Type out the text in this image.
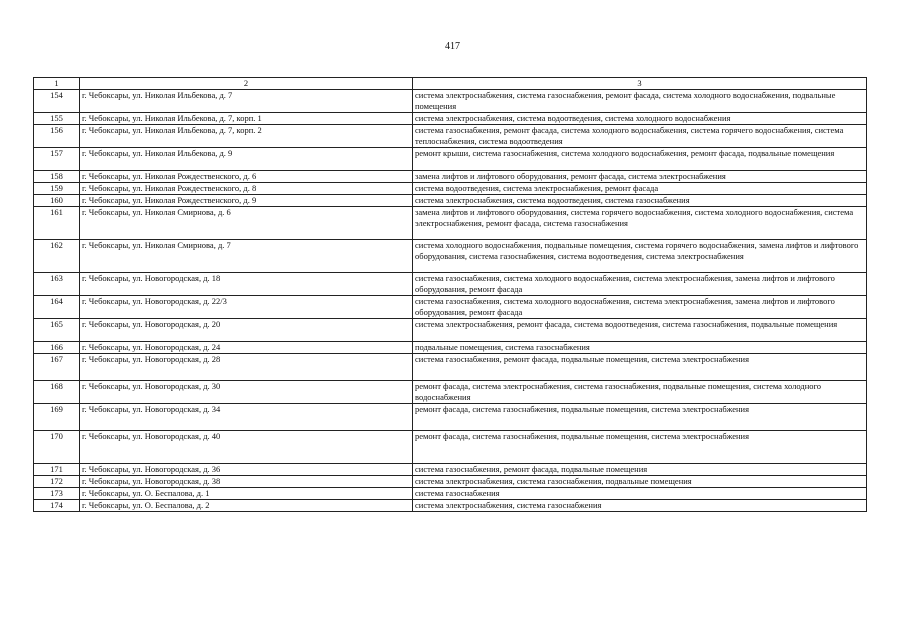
417
1	2	3
154	г. Чебоксары, ул. Николая Ильбекова, д. 7	система электроснабжения, система газоснабжения, ремонт фасада, система холодного водоснабжения, подвальные помещения
155	г. Чебоксары, ул. Николая Ильбекова, д. 7, корп. 1	система электроснабжения, система водоотведения, система холодного водоснабжения
156	г. Чебоксары, ул. Николая Ильбекова, д. 7, корп. 2	система газоснабжения, ремонт фасада, система холодного водоснабжения, система горячего водоснабжения, система теплоснабжения, система водоотведения
157	г. Чебоксары, ул. Николая Ильбекова, д. 9	ремонт крыши, система газоснабжения, система холодного водоснабжения, ремонт фасада, подвальные помещения
158	г. Чебоксары, ул. Николая Рождественского, д. 6	замена лифтов и лифтового оборудования, ремонт фасада, система электроснабжения
159	г. Чебоксары, ул. Николая Рождественского, д. 8	система водоотведения, система электроснабжения, ремонт фасада
160	г. Чебоксары, ул. Николая Рождественского, д. 9	система электроснабжения, система водоотведения, система газоснабжения
161	г. Чебоксары, ул. Николая Смирнова, д. 6	замена лифтов и лифтового оборудования, система горячего водоснабжения, система холодного водоснабжения, система электроснабжения, ремонт фасада, система газоснабжения
162	г. Чебоксары, ул. Николая Смирнова, д. 7	система холодного водоснабжения, подвальные помещения, система горячего водоснабжения, замена лифтов и лифтового оборудования, система газоснабжения, система водоотведения, система электроснабжения
163	г. Чебоксары, ул. Новогородская, д. 18	система газоснабжения, система холодного водоснабжения, система электроснабжения, замена лифтов и лифтового оборудования, ремонт фасада
164	г. Чебоксары, ул. Новогородская, д. 22/3	система газоснабжения, система холодного водоснабжения, система электроснабжения, замена лифтов и лифтового оборудования, ремонт фасада
165	г. Чебоксары, ул. Новогородская, д. 20	система электроснабжения, ремонт фасада, система водоотведения, система газоснабжения, подвальные помещения
166	г. Чебоксары, ул. Новогородская, д. 24	подвальные помещения, система газоснабжения
167	г. Чебоксары, ул. Новогородская, д. 28	система газоснабжения, ремонт фасада, подвальные помещения, система электроснабжения
168	г. Чебоксары, ул. Новогородская, д. 30	ремонт фасада, система электроснабжения, система газоснабжения, подвальные помещения, система холодного водоснабжения
169	г. Чебоксары, ул. Новогородская, д. 34	ремонт фасада, система газоснабжения, подвальные помещения, система электроснабжения
170	г. Чебоксары, ул. Новогородская, д. 40	ремонт фасада, система газоснабжения, подвальные помещения, система электроснабжения
171	г. Чебоксары, ул. Новогородская, д. 36	система газоснабжения, ремонт фасада, подвальные помещения
172	г. Чебоксары, ул. Новогородская, д. 38	система электроснабжения, система газоснабжения, подвальные помещения
173	г. Чебоксары, ул. О. Беспалова, д. 1	система газоснабжения
174	г. Чебоксары, ул. О. Беспалова, д. 2	система электроснабжения, система газоснабжения
